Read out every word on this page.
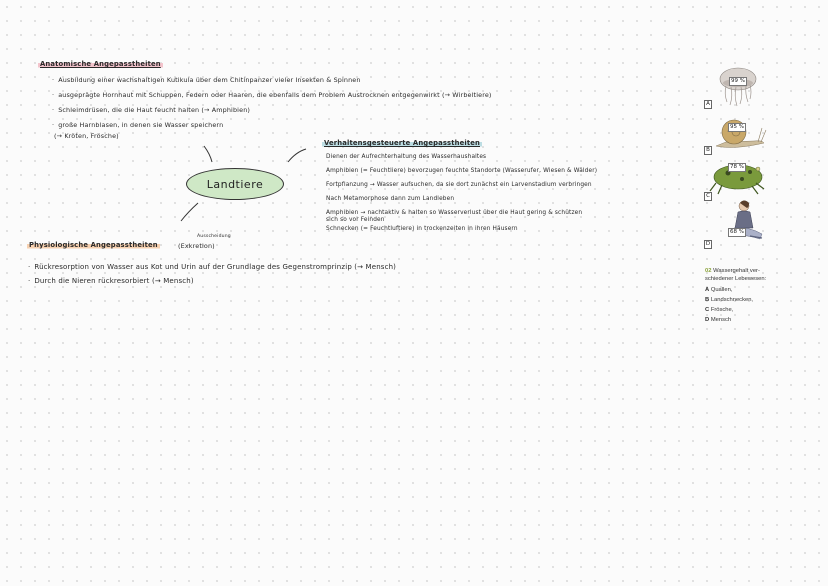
Landtiere
Anatomische Angepasstheiten
· Ausbildung einer wachshaltigen Kutikula über dem Chitinpanzer vieler Insekten & Spinnen
· ausgeprägte Hornhaut mit Schuppen, Federn oder Haaren, die ebenfalls dem Problem Austrocknen entgegenwirkt (→ Wirbeltiere)
· Schleimdrüsen, die die Haut feucht halten (→ Amphibien)
· große Harnblasen, in denen sie Wasser speichern
(→ Kröten, Frösche)
Verhaltensgesteuerte Angepasstheiten
Dienen der Aufrechterhaltung des Wasserhaushaltes
Amphibien (= Feuchtliere) bevorzugen feuchte Standorte (Wasserufer, Wiesen & Wälder)
Fortpflanzung → Wasser aufsuchen, da sie dort zunächst ein Larvenstadium verbringen
Nach Metamorphose dann zum Landleben
Amphibien → nachtaktiv & halten so Wasserverlust über die Haut gering & schützen
sich so vor Feinden
Schnecken (= Feuchtluftiere) in trockenzeiten in ihren Häusern
Physiologische Angepasstheiten
Ausscheidung
(Exkretion)
· Rückresorption von Wasser aus Kot und Urin auf der Grundlage des Gegenstromprinzip (→ Mensch)
· Durch die Nieren rückresorbiert (→ Mensch)
99 %
A
95 %
B
78 %
C
68 %
D
02 Wassergehalt ver-
schiedener Lebewesen:
A Quallen,
B Landschnecken,
C Frösche,
D Mensch
